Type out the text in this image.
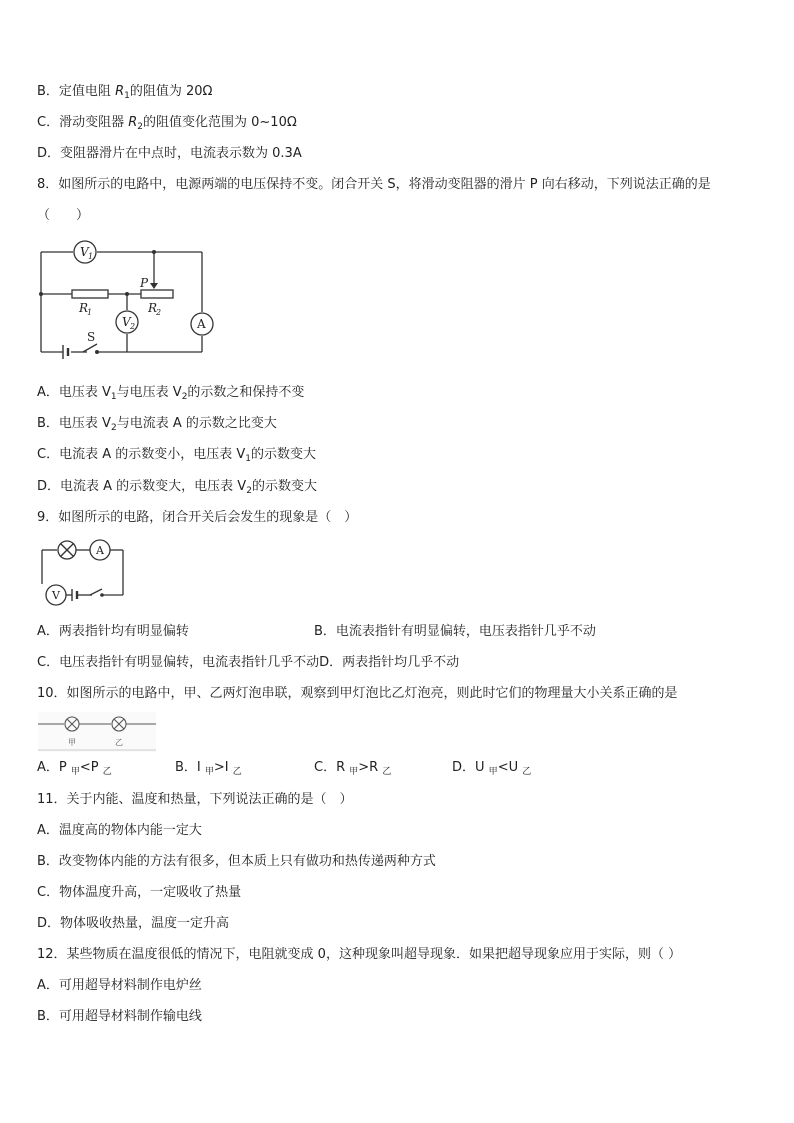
B．定值电阻 $R_1$的阻值为 20Ω
C．滑动变阻器 $R_2$的阻值变化范围为 0~10Ω
D．变阻器滑片在中点时，电流表示数为 0.3A
8．如图所示的电路中，电源两端的电压保持不变。闭合开关 S，将滑动变阻器的滑片 P 向右移动，下列说法正确的是
（　　）
V 1
V 2	A
R
1	R
2
P
S
A．电压表 $V_1$与电压表 $V_2$的示数之和保持不变
B．电压表 $V_2$与电流表 A 的示数之比变大
C．电流表 A 的示数变小，电压表 $V_1$的示数变大
D．电流表 A 的示数变大，电压表 $V_2$的示数变大
9．如图所示的电路，闭合开关后会发生的现象是（　）
A
V
A．两表指针均有明显偏转	B．电流表指针有明显偏转，电压表指针几乎不动
C．电压表指针有明显偏转，电流表指针几乎不动D．两表指针均几乎不动
10．如图所示的电路中，甲、乙两灯泡串联，观察到甲灯泡比乙灯泡亮，则此时它们的物理量大小关系正确的是
甲	乙
A．P $_甲$<P $_乙$	B．I $_甲$>I $_乙$	C．R $_甲$>R $_乙$	D．U $_甲$<U $_乙$
11．关于内能、温度和热量，下列说法正确的是（　）
A．温度高的物体内能一定大
B．改变物体内能的方法有很多，但本质上只有做功和热传递两种方式
C．物体温度升高，一定吸收了热量
D．物体吸收热量，温度一定升高
12．某些物质在温度很低的情况下，电阻就变成 0，这种现象叫超导现象．如果把超导现象应用于实际，则（ ）
A．可用超导材料制作电炉丝
B．可用超导材料制作输电线
